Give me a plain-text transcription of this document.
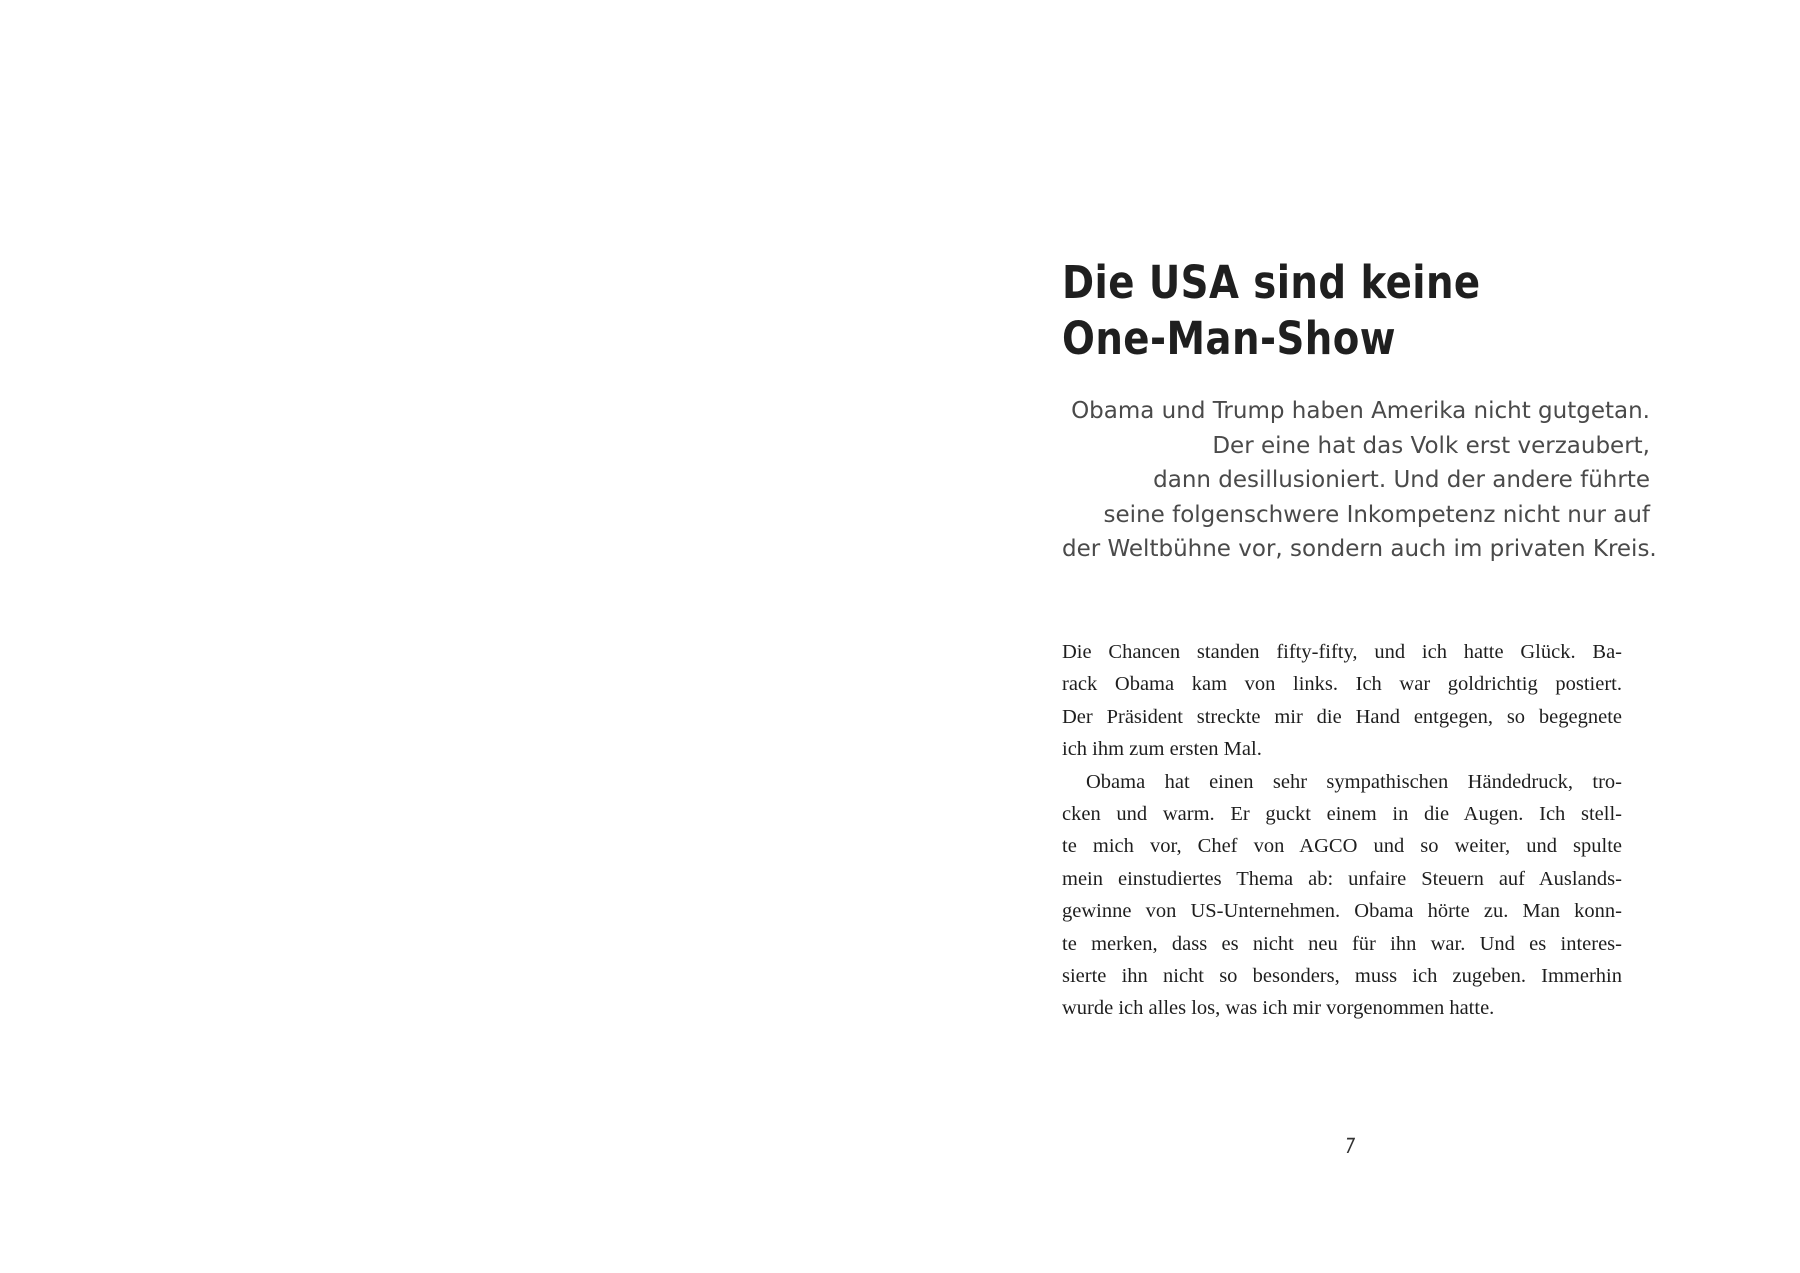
Die USA sind keine
One-Man-Show
Obama und Trump haben Amerika nicht gutgetan.
Der eine hat das Volk erst verzaubert,
dann desillusioniert. Und der andere führte
seine folgenschwere Inkompetenz nicht nur auf
der Weltbühne vor, sondern auch im privaten Kreis.
Die Chancen standen fifty-fifty, und ich hatte Glück. Ba-
rack Obama kam von links. Ich war goldrichtig postiert.
Der Präsident streckte mir die Hand entgegen, so begegnete
ich ihm zum ersten Mal.
Obama hat einen sehr sympathischen Händedruck, tro-
cken und warm. Er guckt einem in die Augen. Ich stell-
te mich vor, Chef von AGCO und so weiter, und spulte
mein einstudiertes Thema ab: unfaire Steuern auf Auslands-
gewinne von US-Unternehmen. Obama hörte zu. Man konn-
te merken, dass es nicht neu für ihn war. Und es interes-
sierte ihn nicht so besonders, muss ich zugeben. Immerhin
wurde ich alles los, was ich mir vorgenommen hatte.
7
